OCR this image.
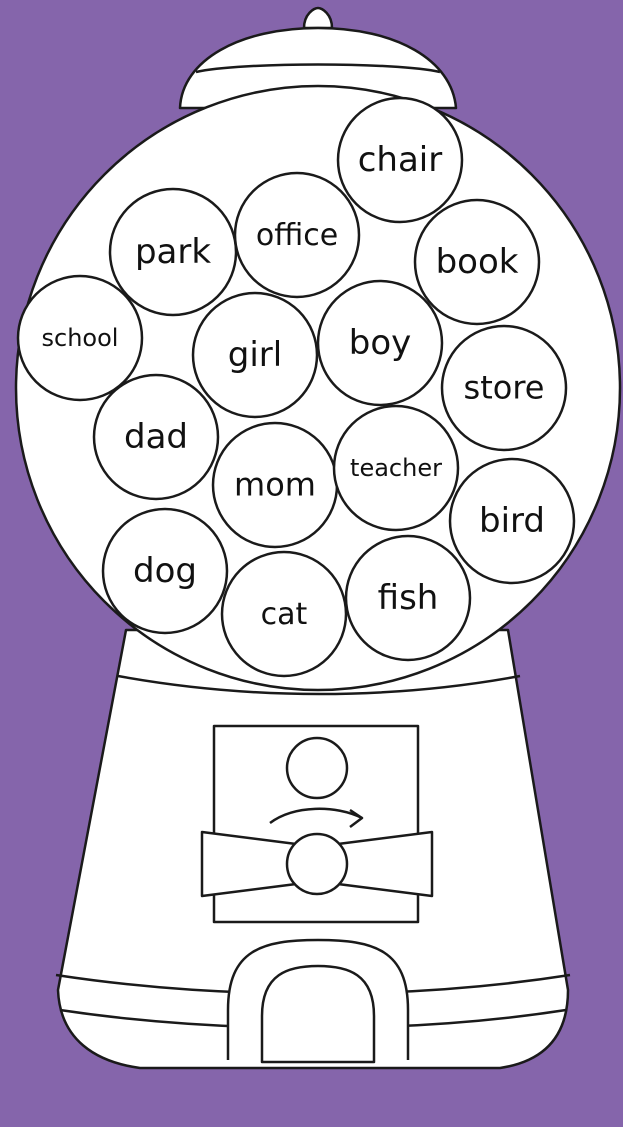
chair
park office
book
school	girl boy
store
dad
mom teacher
bird
dog
cat fish
